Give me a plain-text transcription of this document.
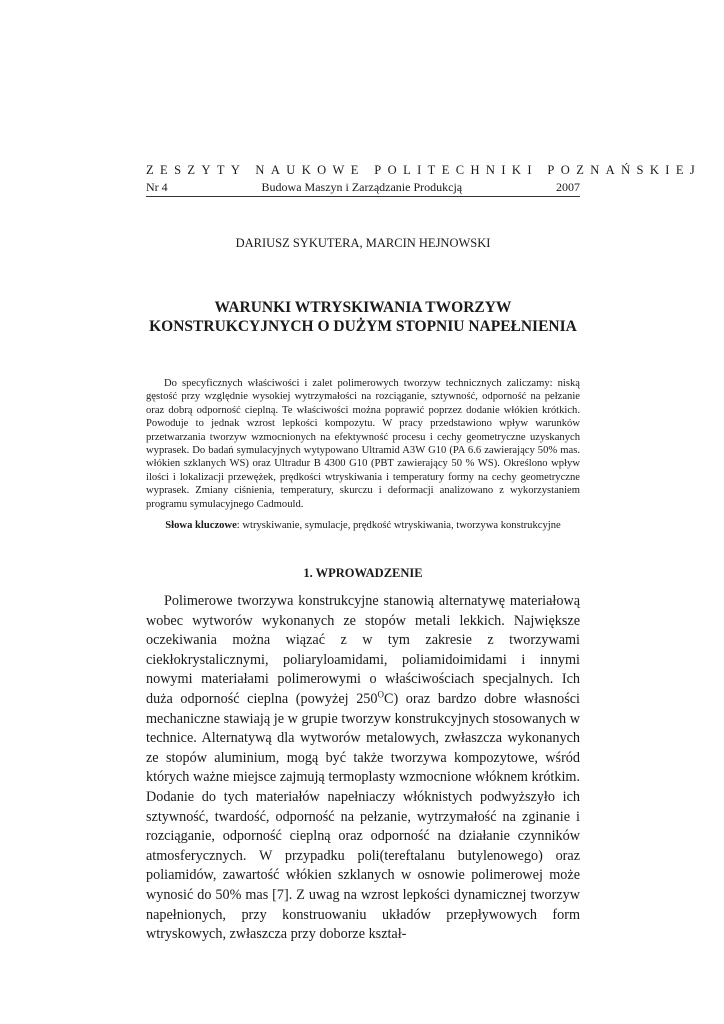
ZESZYTY NAUKOWE POLITECHNIKI POZNAŃSKIEJ
Nr 4	Budowa Maszyn i Zarządzanie Produkcją	2007
DARIUSZ SYKUTERA, MARCIN HEJNOWSKI
WARUNKI WTRYSKIWANIA TWORZYW
KONSTRUKCYJNYCH O DUŻYM STOPNIU NAPEŁNIENIA

Do specyficznych właściwości i zalet polimerowych tworzyw technicznych zaliczamy: niską gęstość przy względnie wysokiej wytrzymałości na rozciąganie, sztywność, odporność na pełzanie oraz dobrą odporność cieplną. Te właściwości można poprawić poprzez dodanie włókien krótkich. Powoduje to jednak wzrost lepkości kompozytu. W pracy przedstawiono wpływ warunków przetwarzania tworzyw wzmocnionych na efektywność procesu i cechy geometryczne uzyskanych wyprasek. Do badań symulacyjnych wytypowano Ultramid A3W G10 (PA 6.6 zawierający 50% mas. włókien szklanych WS) oraz Ultradur B 4300 G10 (PBT zawierający 50 % WS). Określono wpływ ilości i lokalizacji przewężek, prędkości wtryskiwania i temperatury formy na cechy geometryczne wyprasek. Zmiany ciśnienia, temperatury, skurczu i deformacji analizowano z wykorzystaniem programu symulacyjnego Cadmould.

Słowa kluczowe: wtryskiwanie, symulacje, prędkość wtryskiwania, tworzywa konstrukcyjne
1. WPROWADZENIE

Polimerowe tworzywa konstrukcyjne stanowią alternatywę materiałową wobec wytworów wykonanych ze stopów metali lekkich. Największe oczekiwania można wiązać z w tym zakresie z tworzywami ciekłokrystalicznymi, poliaryloamidami, poliamidoimidami i innymi nowymi materiałami polimerowymi o właściwościach specjalnych. Ich duża odporność cieplna (powyżej $250^OC$) oraz bardzo dobre własności mechaniczne stawiają je w grupie tworzyw konstrukcyjnych stosowanych w technice. Alternatywą dla wytworów metalowych, zwłaszcza wykonanych ze stopów aluminium, mogą być także tworzywa kompozytowe, wśród których ważne miejsce zajmują termoplasty wzmocnione włóknem krótkim. Dodanie do tych materiałów napełniaczy włóknistych podwyższyło ich sztywność, twardość, odporność na pełzanie, wytrzymałość na zginanie i rozciąganie, odporność cieplną oraz odporność na działanie czynników atmosferycznych. W przypadku poli(tereftalanu butylenowego) oraz poliamidów, zawartość włókien szklanych w osnowie polimerowej może wynosić do 50% mas [7]. Z uwag na wzrost lepkości dynamicznej tworzyw napełnionych, przy konstruowaniu układów przepływowych form wtryskowych, zwłaszcza przy doborze kształ-
